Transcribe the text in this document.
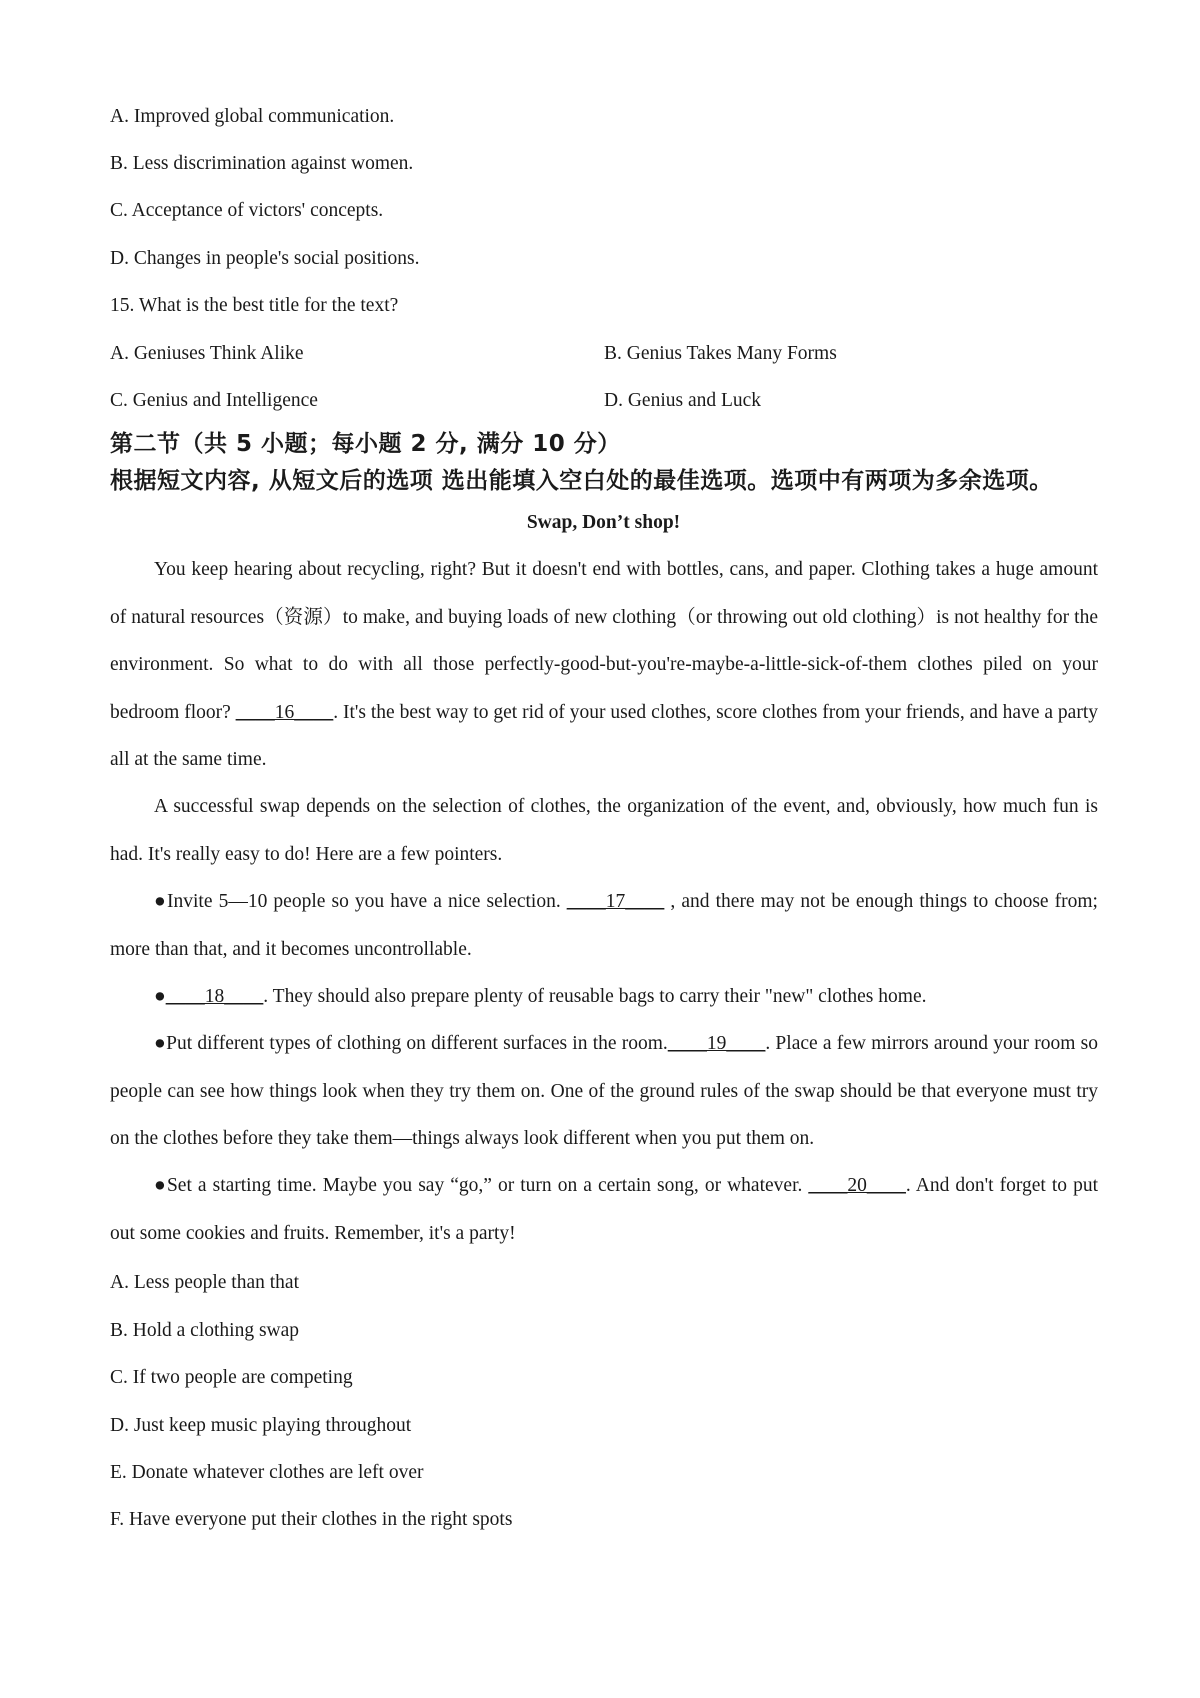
A. Improved global communication.
B. Less discrimination against women.
C. Acceptance of victors' concepts.
D. Changes in people's social positions.
15. What is the best title for the text?
A. Geniuses Think Alike	B. Genius Takes Many Forms
C. Genius and Intelligence	D. Genius and Luck
第二节（共 5 小题；每小题 2 分, 满分 10 分）
根据短文内容, 从短文后的选项 选出能填入空白处的最佳选项。选项中有两项为多余选项。
Swap, Don’t shop!
You keep hearing about recycling, right? But it doesn't end with bottles, cans, and paper. Clothing takes a huge amount of natural resources（资源）to make, and buying loads of new clothing（or throwing out old clothing）is not healthy for the environment. So what to do with all those perfectly-good-but-you're-maybe-a-little-sick-of-them clothes piled on your bedroom floor? ____16____. It's the best way to get rid of your used clothes, score clothes from your friends, and have a party all at the same time.
A successful swap depends on the selection of clothes, the organization of the event, and, obviously, how much fun is had. It's really easy to do! Here are a few pointers.
●Invite 5—10 people so you have a nice selection. ____17____ , and there may not be enough things to choose from; more than that, and it becomes uncontrollable.
●____18____. They should also prepare plenty of reusable bags to carry their "new" clothes home.
●Put different types of clothing on different surfaces in the room.____19____. Place a few mirrors around your room so people can see how things look when they try them on. One of the ground rules of the swap should be that everyone must try on the clothes before they take them—things always look different when you put them on.
●Set a starting time. Maybe you say “go,” or turn on a certain song, or whatever. ____20____. And don't forget to put out some cookies and fruits. Remember, it's a party!
A. Less people than that
B. Hold a clothing swap
C. If two people are competing
D. Just keep music playing throughout
E. Donate whatever clothes are left over
F. Have everyone put their clothes in the right spots
